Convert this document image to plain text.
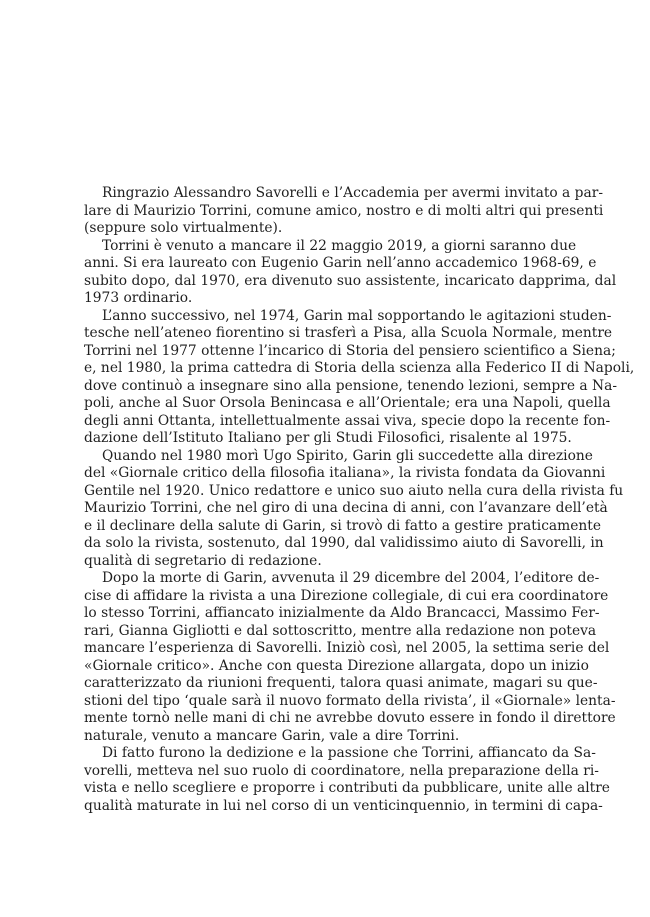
Ringrazio Alessandro Savorelli e l’Accademia per avermi invitato a par-
lare di Maurizio Torrini, comune amico, nostro e di molti altri qui presenti
(seppure solo virtualmente).

Torrini è venuto a mancare il 22 maggio 2019, a giorni saranno due
anni. Si era laureato con Eugenio Garin nell’anno accademico 1968-69, e
subito dopo, dal 1970, era divenuto suo assistente, incaricato dapprima, dal
1973 ordinario.

L’anno successivo, nel 1974, Garin mal sopportando le agitazioni studen-
tesche nell’ateneo fiorentino si trasferì a Pisa, alla Scuola Normale, mentre
Torrini nel 1977 ottenne l’incarico di Storia del pensiero scientifico a Siena;
e, nel 1980, la prima cattedra di Storia della scienza alla Federico II di Napoli,
dove continuò a insegnare sino alla pensione, tenendo lezioni, sempre a Na-
poli, anche al Suor Orsola Benincasa e all’Orientale; era una Napoli, quella
degli anni Ottanta, intellettualmente assai viva, specie dopo la recente fon-
dazione dell’Istituto Italiano per gli Studi Filosofici, risalente al 1975.

Quando nel 1980 morì Ugo Spirito, Garin gli succedette alla direzione
del «Giornale critico della filosofia italiana», la rivista fondata da Giovanni
Gentile nel 1920. Unico redattore e unico suo aiuto nella cura della rivista fu
Maurizio Torrini, che nel giro di una decina di anni, con l’avanzare dell’età
e il declinare della salute di Garin, si trovò di fatto a gestire praticamente
da solo la rivista, sostenuto, dal 1990, dal validissimo aiuto di Savorelli, in
qualità di segretario di redazione.

Dopo la morte di Garin, avvenuta il 29 dicembre del 2004, l’editore de-
cise di affidare la rivista a una Direzione collegiale, di cui era coordinatore
lo stesso Torrini, affiancato inizialmente da Aldo Brancacci, Massimo Fer-
rari, Gianna Gigliotti e dal sottoscritto, mentre alla redazione non poteva
mancare l’esperienza di Savorelli. Iniziò così, nel 2005, la settima serie del
«Giornale critico». Anche con questa Direzione allargata, dopo un inizio
caratterizzato da riunioni frequenti, talora quasi animate, magari su que-
stioni del tipo ‘quale sarà il nuovo formato della rivista’, il «Giornale» lenta-
mente tornò nelle mani di chi ne avrebbe dovuto essere in fondo il direttore
naturale, venuto a mancare Garin, vale a dire Torrini.

Di fatto furono la dedizione e la passione che Torrini, affiancato da Sa-
vorelli, metteva nel suo ruolo di coordinatore, nella preparazione della ri-
vista e nello scegliere e proporre i contributi da pubblicare, unite alle altre
qualità maturate in lui nel corso di un venticinquennio, in termini di capa-
